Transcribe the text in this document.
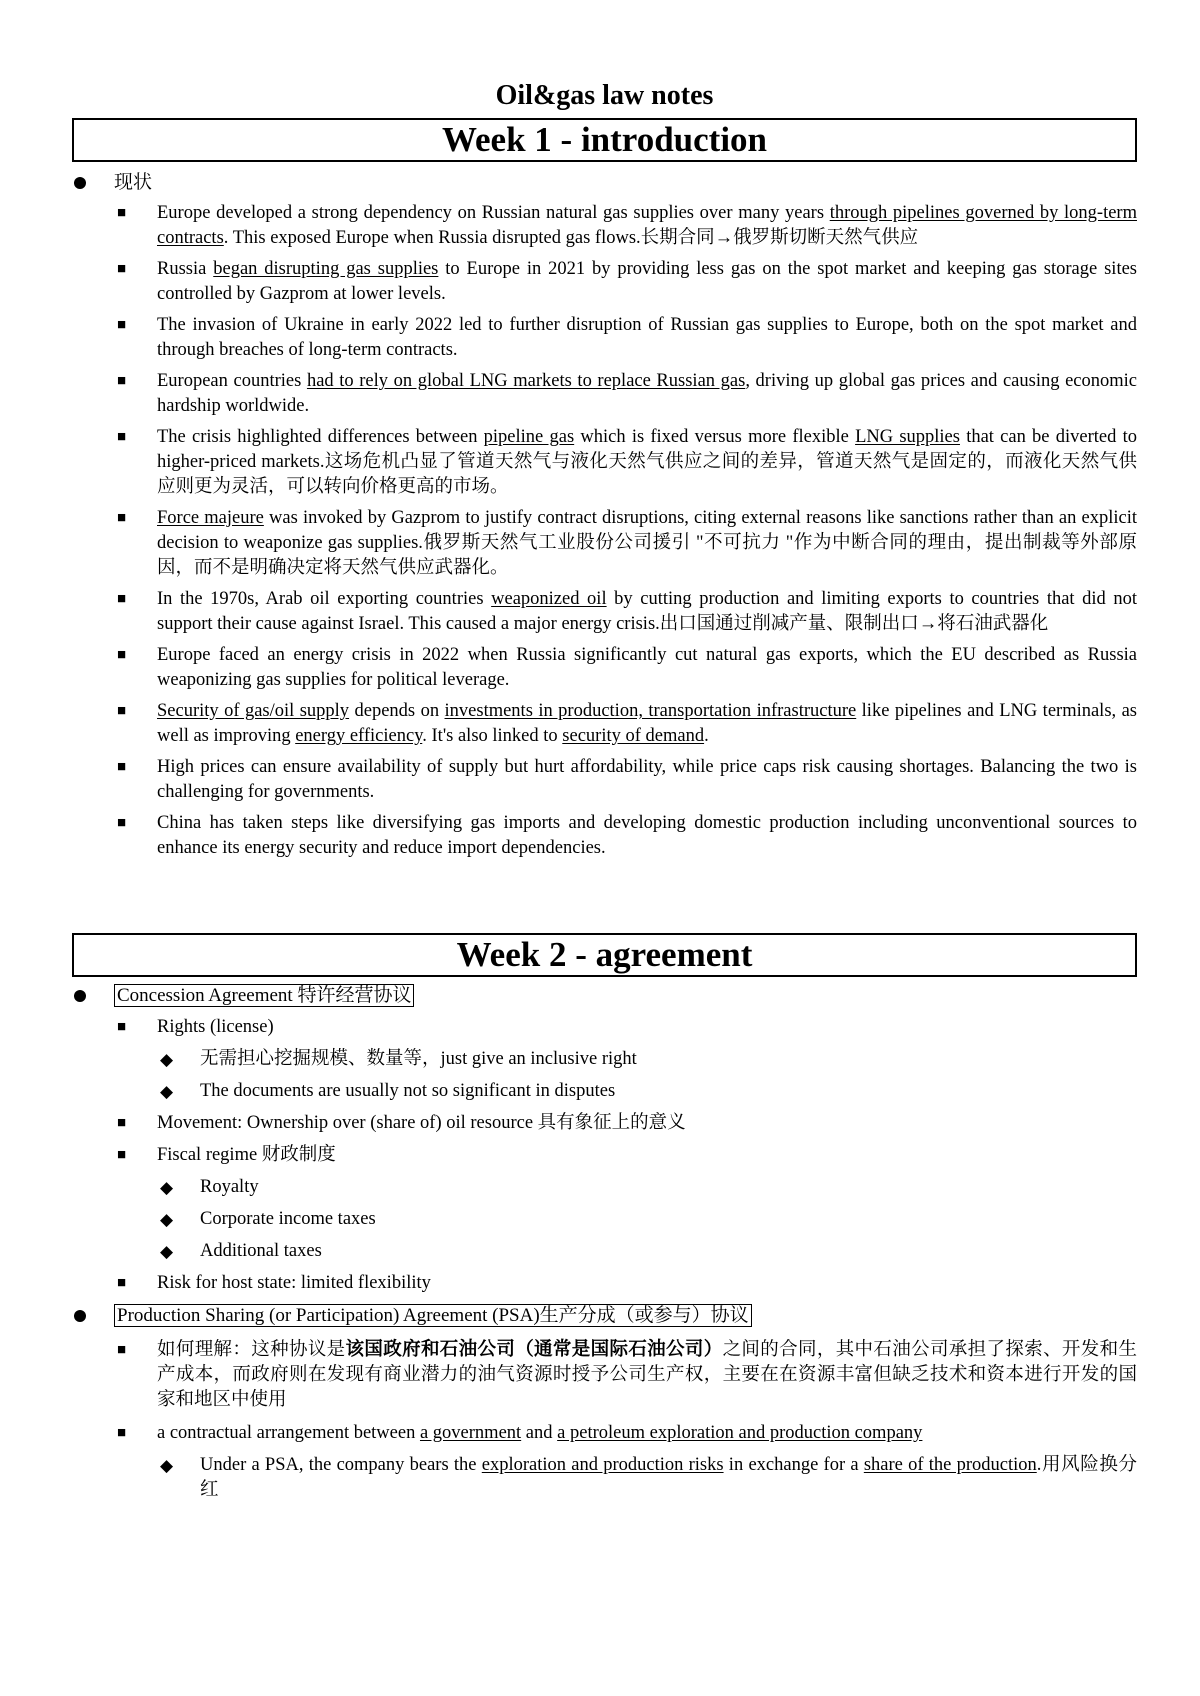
Oil&gas law notes
Week 1 - introduction
现状
■ Europe developed a strong dependency on Russian natural gas supplies over many years through pipelines governed by long-term contracts. This exposed Europe when Russia disrupted gas flows.长期合同→俄罗斯切断天然气供应
■ Russia began disrupting gas supplies to Europe in 2021 by providing less gas on the spot market and keeping gas storage sites controlled by Gazprom at lower levels.
■ The invasion of Ukraine in early 2022 led to further disruption of Russian gas supplies to Europe, both on the spot market and through breaches of long-term contracts.
■ European countries had to rely on global LNG markets to replace Russian gas, driving up global gas prices and causing economic hardship worldwide.
■ The crisis highlighted differences between pipeline gas which is fixed versus more flexible LNG supplies that can be diverted to higher-priced markets.这场危机凸显了管道天然气与液化天然气供应之间的差异，管道天然气是固定的，而液化天然气供应则更为灵活，可以转向价格更高的市场。
■ Force majeure was invoked by Gazprom to justify contract disruptions, citing external reasons like sanctions rather than an explicit decision to weaponize gas supplies.俄罗斯天然气工业股份公司援引 "不可抗力 "作为中断合同的理由，提出制裁等外部原因，而不是明确决定将天然气供应武器化。
■ In the 1970s, Arab oil exporting countries weaponized oil by cutting production and limiting exports to countries that did not support their cause against Israel. This caused a major energy crisis.出口国通过削减产量、限制出口→将石油武器化
■ Europe faced an energy crisis in 2022 when Russia significantly cut natural gas exports, which the EU described as Russia weaponizing gas supplies for political leverage.
■ Security of gas/oil supply depends on investments in production, transportation infrastructure like pipelines and LNG terminals, as well as improving energy efficiency. It's also linked to security of demand.
■ High prices can ensure availability of supply but hurt affordability, while price caps risk causing shortages. Balancing the two is challenging for governments.
■ China has taken steps like diversifying gas imports and developing domestic production including unconventional sources to enhance its energy security and reduce import dependencies.
Week 2 - agreement
Concession Agreement 特许经营协议
■ Rights (license)
◆ 无需担心挖掘规模、数量等，just give an inclusive right
◆ The documents are usually not so significant in disputes
■ Movement: Ownership over (share of) oil resource 具有象征上的意义
■ Fiscal regime 财政制度
◆ Royalty
◆ Corporate income taxes
◆ Additional taxes
■ Risk for host state: limited flexibility
Production Sharing (or Participation) Agreement (PSA)生产分成（或参与）协议
■ 如何理解：这种协议是该国政府和石油公司（通常是国际石油公司）之间的合同，其中石油公司承担了探索、开发和生产成本，而政府则在发现有商业潜力的油气资源时授予公司生产权，主要在在资源丰富但缺乏技术和资本进行开发的国家和地区中使用
■ a contractual arrangement between a government and a petroleum exploration and production company
◆ Under a PSA, the company bears the exploration and production risks in exchange for a share of the production.用风险换分红
